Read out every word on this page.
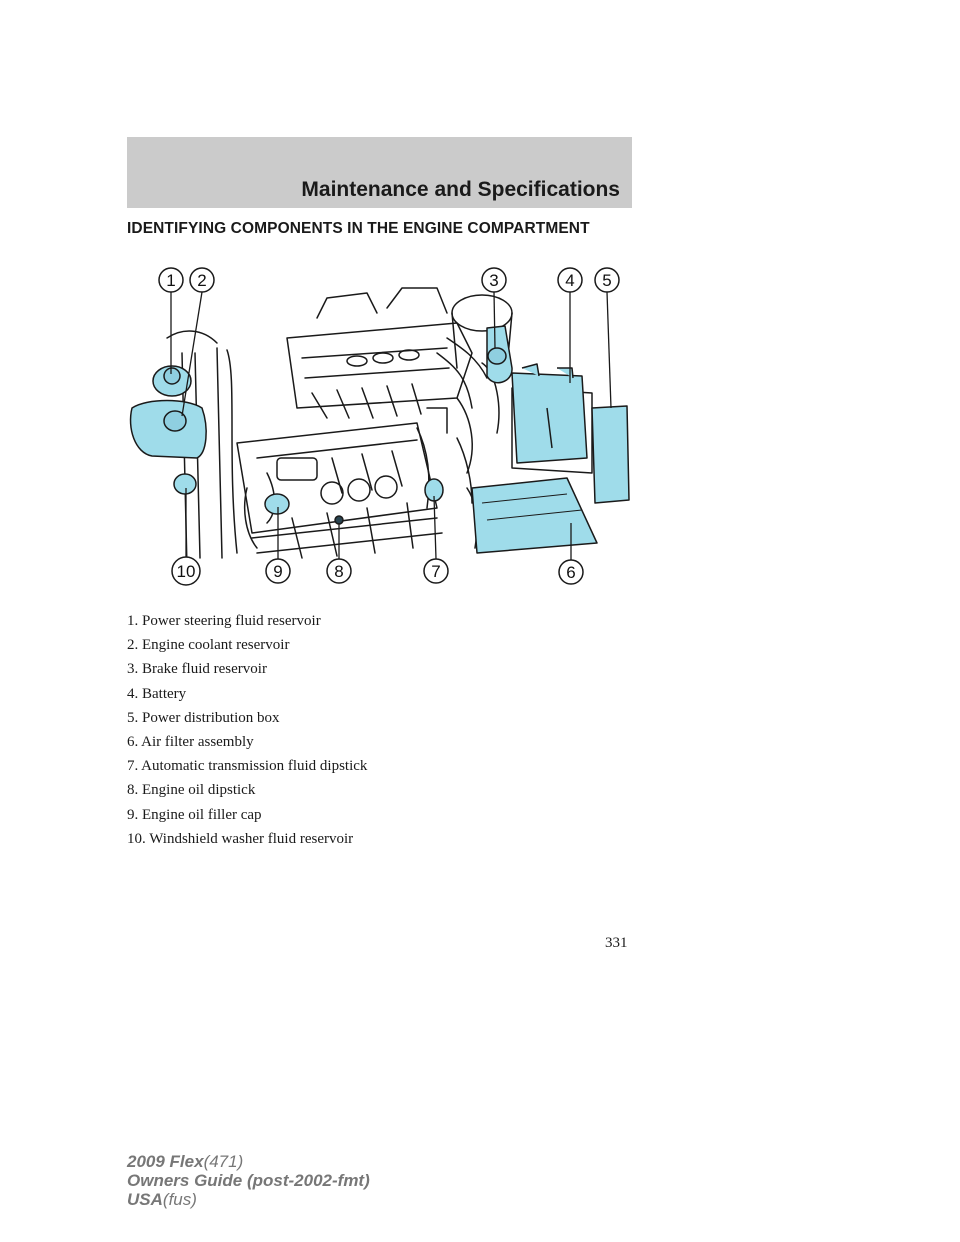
Maintenance and Specifications
IDENTIFYING COMPONENTS IN THE ENGINE COMPARTMENT
1 2	3	4 5
6
7
8
9
10
1. Power steering fluid reservoir
2. Engine coolant reservoir
3. Brake fluid reservoir
4. Battery
5. Power distribution box
6. Air filter assembly
7. Automatic transmission fluid dipstick
8. Engine oil dipstick
9. Engine oil filler cap
10. Windshield washer fluid reservoir
331
2009 Flex(471)
Owners Guide (post-2002-fmt)
USA(fus)
